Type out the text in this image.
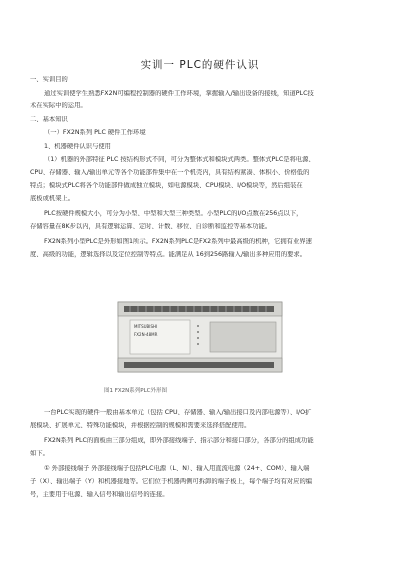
实训一 PLC的硬件认识
一、实训目的
通过实训使学生熟悉FX2N可编程控制器的硬件工作环境，掌握输入/输出设备的接线，知道PLC技
术在实际中的运用。
二、基本知识
（一）FX2N系列 PLC 硬件工作环境
1、机器硬件认识与使用
（1）机器的外部特征 PLC 按结构形式不同，可分为整体式和模块式两类。整体式PLC是将电源、
CPU、存储器、输入/输出单元等各个功能部件集中在一个机壳内，具有结构紧凑、体积小、价格低的
特点；模块式PLC将各个功能部件做成独立模块，如电源模块、CPU模块、I/O模块等，然后组装在
底板或机架上。
PLC按硬件规模大小，可分为小型、中型和大型三种类型。小型PLC的I/O点数在256点以下，
存储容量在8K步以内，具有逻辑运算、定时、计数、移位、自诊断和监控等基本功能。
FX2N系列小型PLC是外形如图1所示。FX2N系列PLC是FX2系列中最高级的机种，它拥有业界速
度、高级的功能，逻辑选择以及定位控制等特点。能满足从 16到256路输入/输出多种应用的要求。
一台PLC实现的硬件一般由基本单元（包括 CPU、存储器、输入/输出接口及内部电源等）、I/O扩
展模块、扩展单元、特殊功能模块，并根据控制的规模和需要来选择搭配使用。
FX2N系列 PLC的面板由三部分组成，即外部接线端子、指示部分和接口部分，各部分的组成功能
如下。
① 外部接线端子 外部接线端子包括PLC电源（L、N）、输入用直流电源（24+、COM）、输入端
子（X）、输出端子（Y）和机器接地等。它们位于机器两侧可拆卸的端子板上，每个端子均有对应的编
号，主要用于电源、输入信号和输出信号的连接。
MITSUBISHI
FX2N-48MR
图1 FX2N系列PLC外形图
